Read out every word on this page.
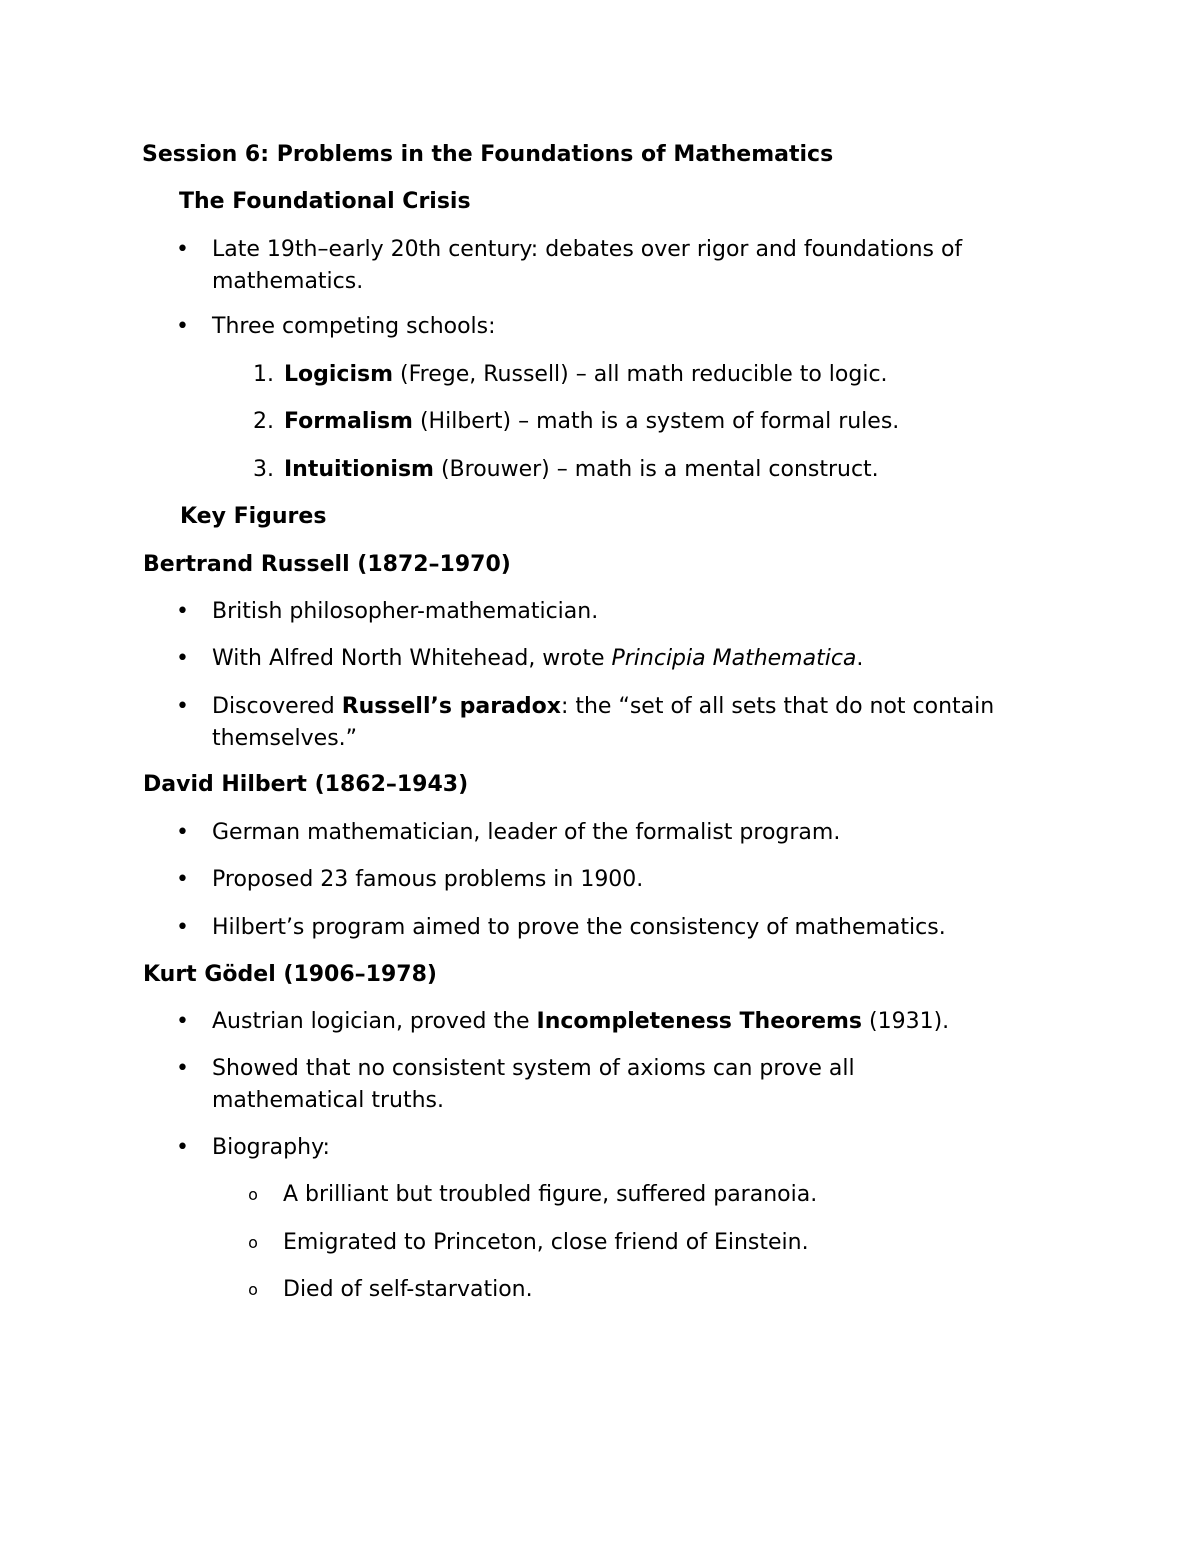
Session 6: Problems in the Foundations of Mathematics
The Foundational Crisis
• Late 19th–early 20th century: debates over rigor and foundations of mathematics.
• Three competing schools:
1. Logicism (Frege, Russell) – all math reducible to logic.
2. Formalism (Hilbert) – math is a system of formal rules.
3. Intuitionism (Brouwer) – math is a mental construct.
Key Figures
Bertrand Russell (1872–1970)
• British philosopher-mathematician.
• With Alfred North Whitehead, wrote Principia Mathematica.
• Discovered Russell’s paradox: the “set of all sets that do not contain themselves.”
David Hilbert (1862–1943)
• German mathematician, leader of the formalist program.
• Proposed 23 famous problems in 1900.
• Hilbert’s program aimed to prove the consistency of mathematics.
Kurt Gödel (1906–1978)
• Austrian logician, proved the Incompleteness Theorems (1931).
• Showed that no consistent system of axioms can prove all mathematical truths.
• Biography:
o A brilliant but troubled figure, suffered paranoia.
o Emigrated to Princeton, close friend of Einstein.
o Died of self-starvation.
